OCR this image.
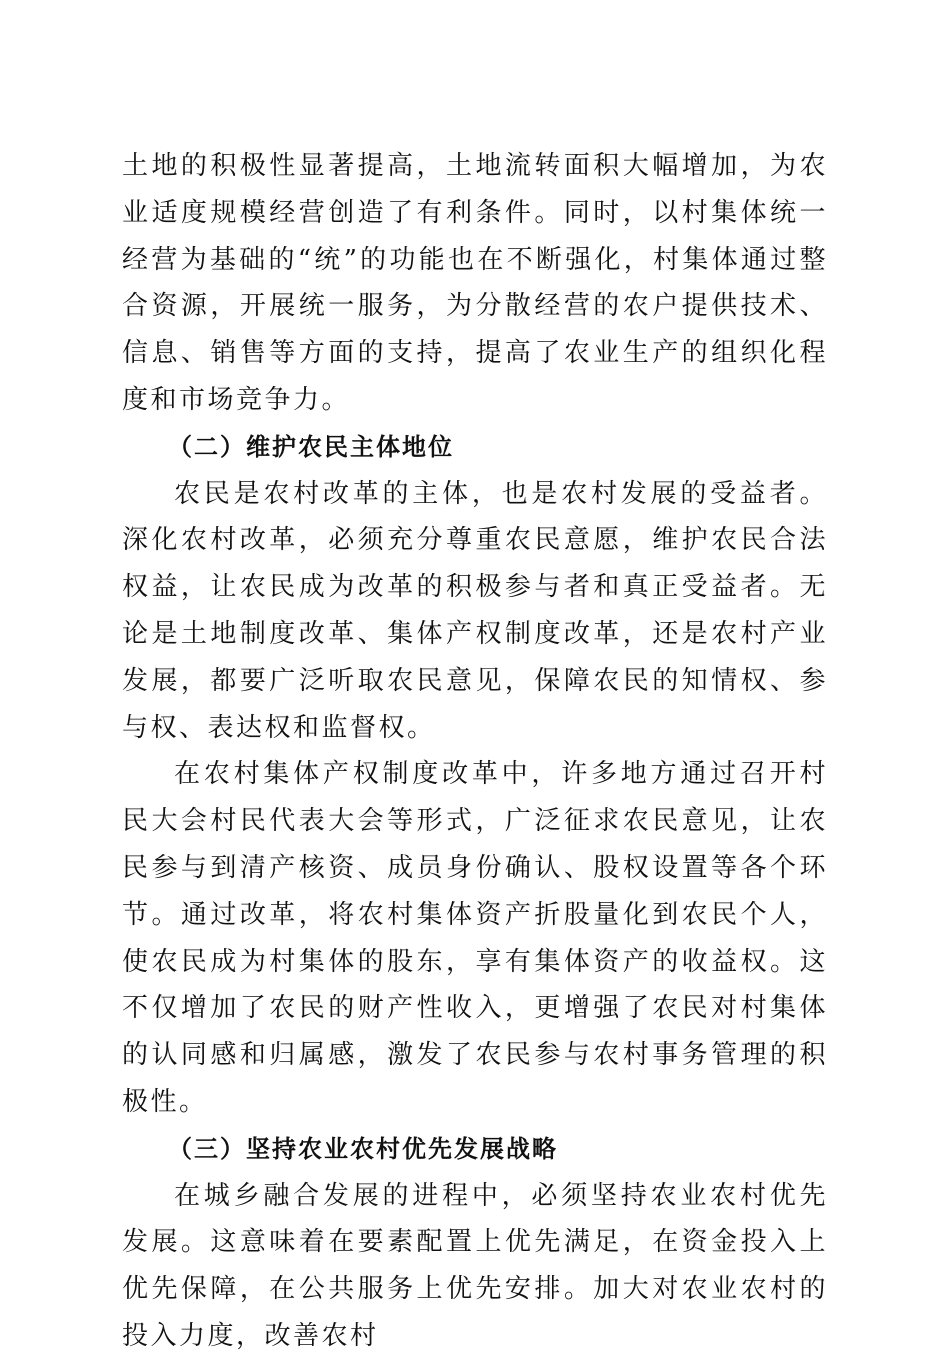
土地的积极性显著提高，土地流转面积大幅增加，为农业适度规模经营创造了有利条件。同时，以村集体统一经营为基础的“统”的功能也在不断强化，村集体通过整合资源，开展统一服务，为分散经营的农户提供技术、信息、销售等方面的支持，提高了农业生产的组织化程度和市场竞争力。

（二）维护农民主体地位

农民是农村改革的主体，也是农村发展的受益者。深化农村改革，必须充分尊重农民意愿，维护农民合法权益，让农民成为改革的积极参与者和真正受益者。无论是土地制度改革、集体产权制度改革，还是农村产业发展，都要广泛听取农民意见，保障农民的知情权、参与权、表达权和监督权。

在农村集体产权制度改革中，许多地方通过召开村民大会村民代表大会等形式，广泛征求农民意见，让农民参与到清产核资、成员身份确认、股权设置等各个环节。通过改革，将农村集体资产折股量化到农民个人，使农民成为村集体的股东，享有集体资产的收益权。这不仅增加了农民的财产性收入，更增强了农民对村集体的认同感和归属感，激发了农民参与农村事务管理的积极性。

（三）坚持农业农村优先发展战略

在城乡融合发展的进程中，必须坚持农业农村优先发展。这意味着在要素配置上优先满足，在资金投入上优先保障，在公共服务上优先安排。加大对农业农村的投入力度，改善农村
